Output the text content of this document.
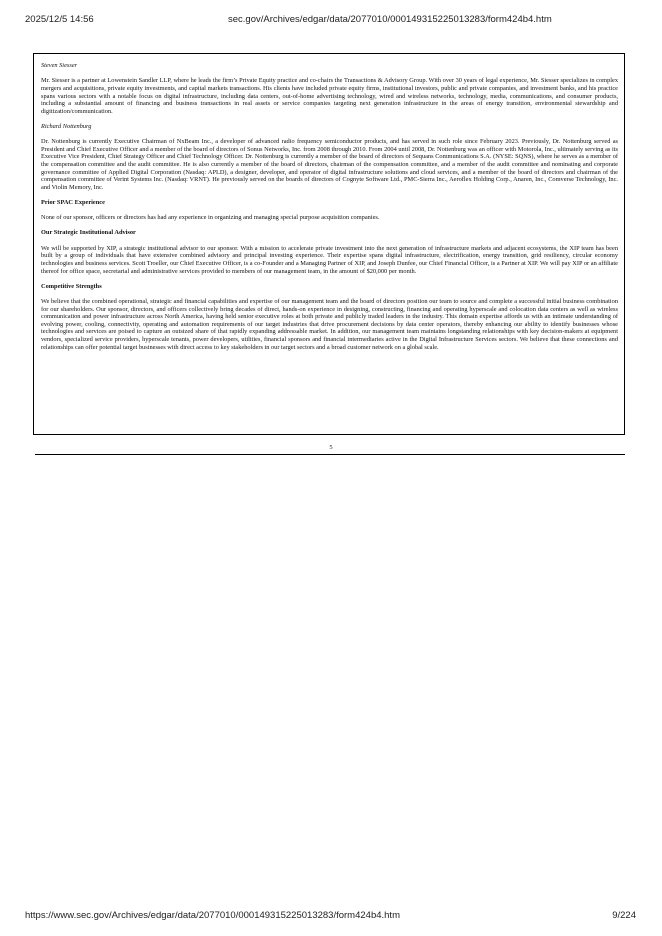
2025/12/5 14:56	sec.gov/Archives/edgar/data/2077010/000149315225013283/form424b4.htm

Steven Siesser

Mr. Siesser is a partner at Lowenstein Sandler LLP, where he leads the firm’s Private Equity practice and co-chairs the Transactions & Advisory Group. With over 30 years of legal experience, Mr. Siesser specializes in complex mergers and acquisitions, private equity investments, and capital markets transactions. His clients have included private equity firms, institutional investors, public and private companies, and investment banks, and his practice spans various sectors with a notable focus on digital infrastructure, including data centers, out-of-home advertising technology, wired and wireless networks, technology, media, communications, and consumer products, including a substantial amount of financing and business transactions in real assets or service companies targeting next generation infrastructure in the areas of energy transition, environmental stewardship and digitization/communication.

Richard Nottenburg

Dr. Nottenburg is currently Executive Chairman of NxBeam Inc., a developer of advanced radio frequency semiconductor products, and has served in such role since February 2023. Previously, Dr. Nottenburg served as President and Chief Executive Officer and a member of the board of directors of Sonus Networks, Inc. from 2008 through 2010. From 2004 until 2008, Dr. Nottenburg was an officer with Motorola, Inc., ultimately serving as its Executive Vice President, Chief Strategy Officer and Chief Technology Officer. Dr. Nottenburg is currently a member of the board of directors of Sequans Communications S.A. (NYSE: SQNS), where he serves as a member of the compensation committee and the audit committee. He is also currently a member of the board of directors, chairman of the compensation committee, and a member of the audit committee and nominating and corporate governance committee of Applied Digital Corporation (Nasdaq: APLD), a designer, developer, and operator of digital infrastructure solutions and cloud services, and a member of the board of directors and chairman of the compensation committee of Verint Systems Inc. (Nasdaq: VRNT). He previously served on the boards of directors of Cognyte Software Ltd., PMC-Sierra Inc., Aeroflex Holding Corp., Anaren, Inc., Comverse Technology, Inc. and Violin Memory, Inc.

Prior SPAC Experience

None of our sponsor, officers or directors has had any experience in organizing and managing special purpose acquisition companies.

Our Strategic Institutional Advisor

We will be supported by XIP, a strategic institutional advisor to our sponsor. With a mission to accelerate private investment into the next generation of infrastructure markets and adjacent ecosystems, the XIP team has been built by a group of individuals that have extensive combined advisory and principal investing experience. Their expertise spans digital infrastructure, electrification, energy transition, grid resiliency, circular economy technologies and business services. Scott Troeller, our Chief Executive Officer, is a co-Founder and a Managing Partner of XIP, and Joseph Dunfee, our Chief Financial Officer, is a Partner at XIP. We will pay XIP or an affiliate thereof for office space, secretarial and administrative services provided to members of our management team, in the amount of $20,000 per month.

Competitive Strengths

We believe that the combined operational, strategic and financial capabilities and expertise of our management team and the board of directors position our team to source and complete a successful initial business combination for our shareholders. Our sponsor, directors, and officers collectively bring decades of direct, hands-on experience in designing, constructing, financing and operating hyperscale and colocation data centers as well as wireless communication and power infrastructure across North America, having held senior executive roles at both private and publicly traded leaders in the industry. This domain expertise affords us with an intimate understanding of evolving power, cooling, connectivity, operating and automation requirements of our target industries that drive procurement decisions by data center operators, thereby enhancing our ability to identify businesses whose technologies and services are poised to capture an outsized share of that rapidly expanding addressable market. In addition, our management team maintains longstanding relationships with key decision-makers at equipment vendors, specialized service providers, hyperscale tenants, power developers, utilities, financial sponsors and financial intermediaries active in the Digital Infrastructure Services sectors. We believe that these connections and relationships can offer potential target businesses with direct access to key stakeholders in our target sectors and a broad customer network on a global scale.

5
https://www.sec.gov/Archives/edgar/data/2077010/000149315225013283/form424b4.htm	9/224
